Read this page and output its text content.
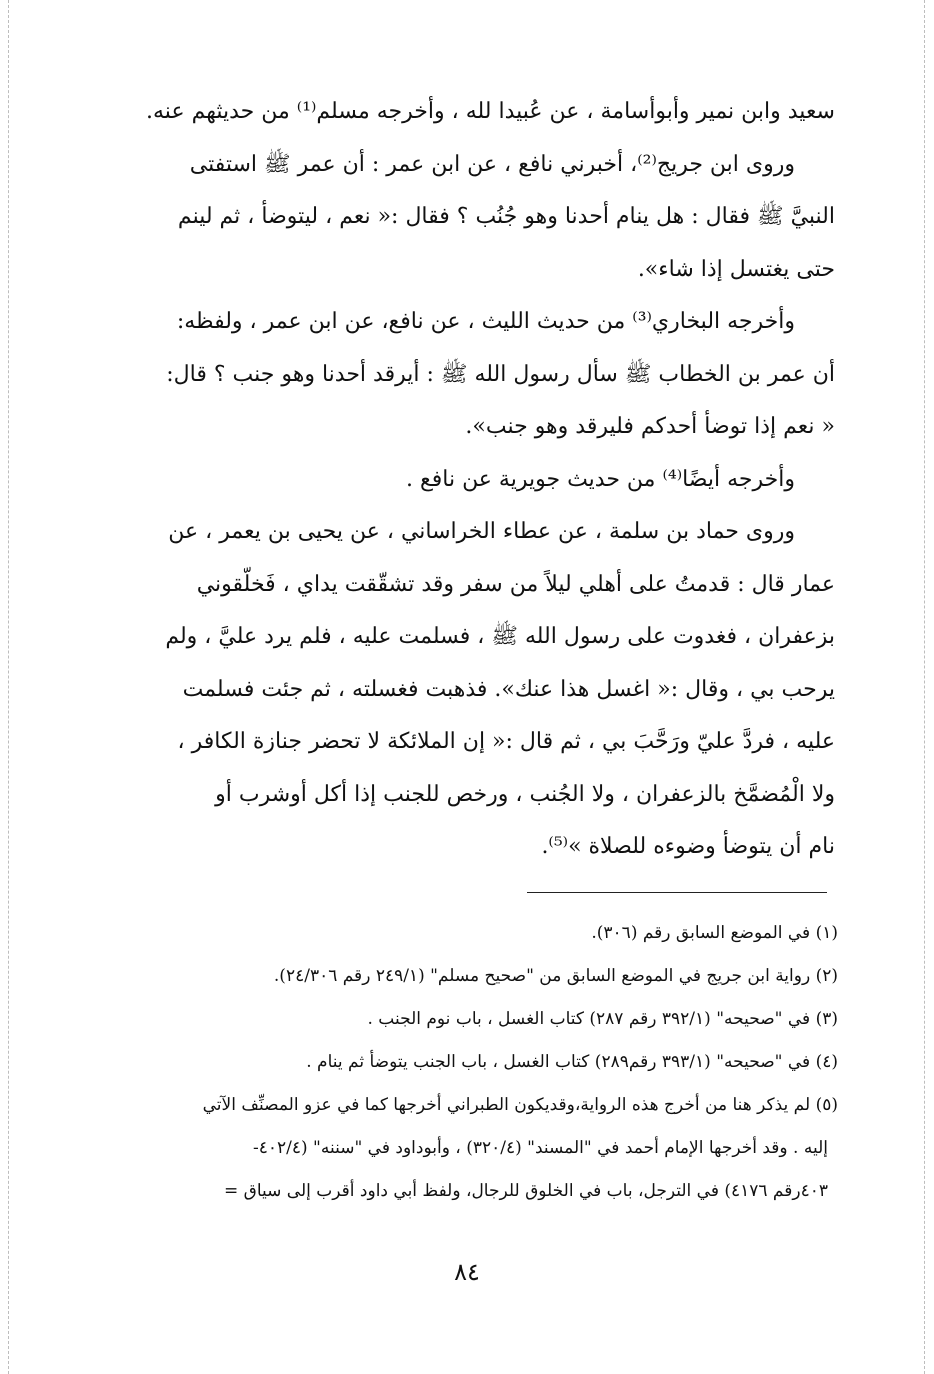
سعيد وابن نمير وأبوأسامة ، عن عُبيدا لله ، وأخرجه مسلم⁽¹⁾ من حديثهم عنه.
وروى ابن جريج⁽²⁾، أخبرني نافع ، عن ابن عمر : أن عمر ﷺ استفتى
النبيَّ ﷺ فقال : هل ينام أحدنا وهو جُنُب ؟ فقال :« نعم ، ليتوضأ ، ثم لينم
حتى يغتسل إذا شاء».
وأخرجه البخاري⁽³⁾ من حديث الليث ، عن نافع، عن ابن عمر ، ولفظه:
أن عمر بن الخطاب ﷺ سأل رسول الله ﷺ : أيرقد أحدنا وهو جنب ؟ قال:
« نعم إذا توضأ أحدكم فليرقد وهو جنب».
وأخرجه أيضًا⁽⁴⁾ من حديث جويرية عن نافع .
وروى حماد بن سلمة ، عن عطاء الخراساني ، عن يحيى بن يعمر ، عن
عمار قال : قدمتُ على أهلي ليلاً من سفر وقد تشقّقت يداي ، فَخلّقوني
بزعفران ، فغدوت على رسول الله ﷺ ، فسلمت عليه ، فلم يرد عليَّ ، ولم
يرحب بي ، وقال :« اغسل هذا عنك». فذهبت فغسلته ، ثم جئت فسلمت
عليه ، فردَّ عليّ ورَحَّبَ بي ، ثم قال :« إن الملائكة لا تحضر جنازة الكافر ،
ولا الْمُضمَّخ بالزعفران ، ولا الجُنب ، ورخص للجنب إذا أكل أوشرب أو
نام أن يتوضأ وضوءه للصلاة »⁽⁵⁾.
(١) في الموضع السابق رقم (٣٠٦).
(٢) رواية ابن جريج في الموضع السابق من "صحيح مسلم" (٢٤٩/١ رقم ٢٤/٣٠٦).
(٣) في "صحيحه" (٣٩٢/١ رقم ٢٨٧) كتاب الغسل ، باب نوم الجنب .
(٤) في "صحيحه" (٣٩٣/١ رقم٢٨٩) كتاب الغسل ، باب الجنب يتوضأ ثم ينام .
(٥) لم يذكر هنا من أخرج هذه الرواية،وقديكون الطبراني أخرجها كما في عزو المصنِّف الآتي
إليه . وقد أخرجها الإمام أحمد في "المسند" (٣٢٠/٤) ، وأبوداود في "سننه" (٤٠٢/٤-
٤٠٣رقم ٤١٧٦) في الترجل، باب في الخلوق للرجال، ولفظ أبي داود أقرب إلى سياق =
٨٤
